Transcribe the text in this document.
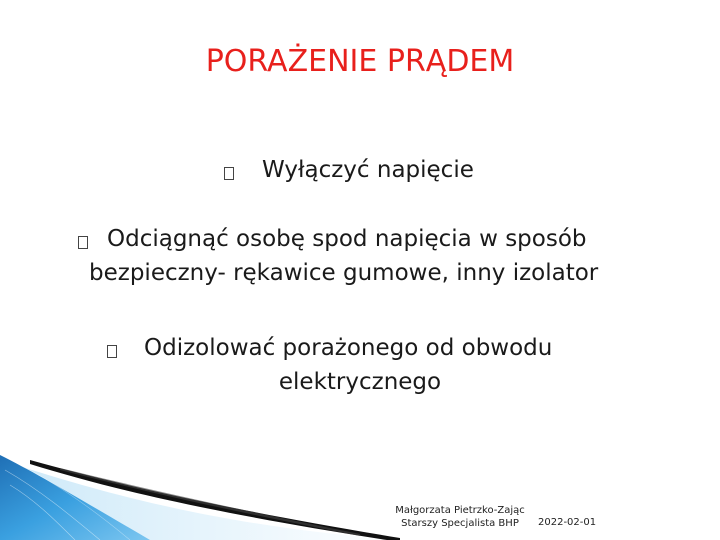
PORAŻENIE PRĄDEM
Wyłączyć napięcie
Odciągnąć osobę spod napięcia w sposób
bezpieczny- rękawice gumowe, inny izolator
Odizolować porażonego od obwodu
elektrycznego
Małgorzata Pietrzko-Zając
Starszy Specjalista BHP	2022-02-01
